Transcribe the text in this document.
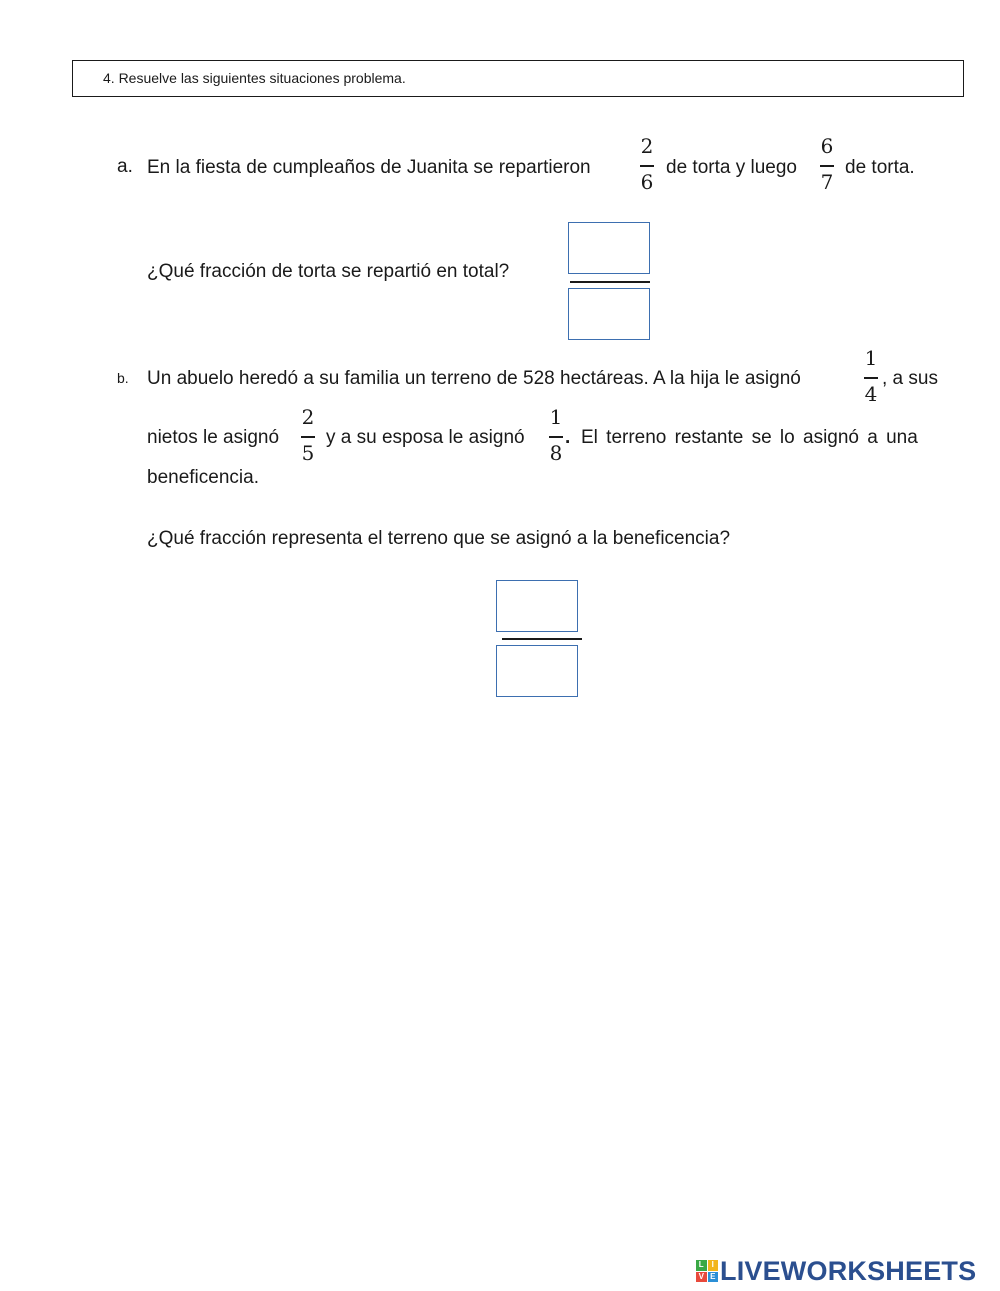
4. Resuelve las siguientes situaciones problema.
a. En la fiesta de cumpleaños de Juanita se repartieron
2
6
de torta y luego
6
7
de torta.
¿Qué fracción de torta se repartió en total?
b. Un abuelo heredó a su familia un terreno de 528 hectáreas. A la hija le asignó
1
4
, a sus
nietos le asignó
2
5
y a su esposa le asignó
1
8
. El terreno restante se lo asignó a una
beneficencia.
¿Qué fracción representa el terreno que se asignó a la beneficencia?
L I
V E LIVEWORKSHEETS
